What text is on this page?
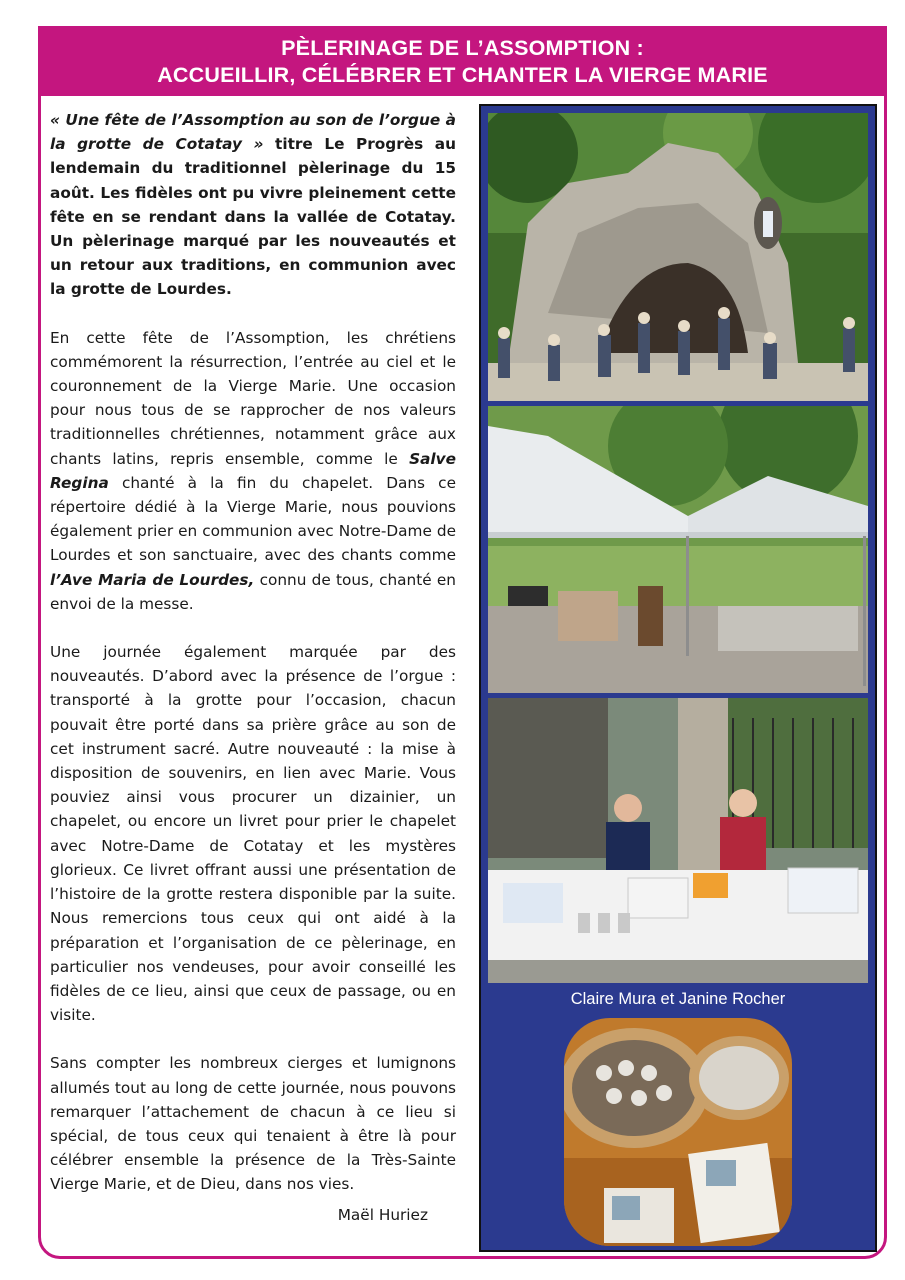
PÈLERINAGE DE L’ASSOMPTION :
ACCUEILLIR, CÉLÉBRER ET CHANTER LA VIERGE MARIE

« Une fête de l’Assomption au son de l’orgue à la grotte de Cotatay » titre Le Progrès au lendemain du traditionnel pèlerinage du 15 août. Les fidèles ont pu vivre pleinement cette fête en se rendant dans la vallée de Cotatay. Un pèlerinage marqué par les nouveautés et un retour aux traditions, en communion avec la grotte de Lourdes.

En cette fête de l’Assomption, les chrétiens commémorent la résurrection, l’entrée au ciel et le couronnement de la Vierge Marie. Une occasion pour nous tous de se rapprocher de nos valeurs traditionnelles chrétiennes, notamment grâce aux chants latins, repris ensemble, comme le Salve Regina chanté à la fin du chapelet. Dans ce répertoire dédié à la Vierge Marie, nous pouvions également prier en communion avec Notre-Dame de Lourdes et son sanctuaire, avec des chants comme l’Ave Maria de Lourdes, connu de tous, chanté en envoi de la messe.

Une journée également marquée par des nouveautés. D’abord avec la présence de l’orgue : transporté à la grotte pour l’occasion, chacun pouvait être porté dans sa prière grâce au son de cet instrument sacré. Autre nouveauté : la mise à disposition de souvenirs, en lien avec Marie. Vous pouviez ainsi vous procurer un dizainier, un chapelet, ou encore un livret pour prier le chapelet avec Notre-Dame de Cotatay et les mystères glorieux. Ce livret offrant aussi une présentation de l’histoire de la grotte restera disponible par la suite. Nous remercions tous ceux qui ont aidé à la préparation et l’organisation de ce pèlerinage, en particulier nos vendeuses, pour avoir conseillé les fidèles de ce lieu, ainsi que ceux de passage, ou en visite.

Sans compter les nombreux cierges et lumignons allumés tout au long de cette journée, nous pouvons remarquer l’attachement de chacun à ce lieu si spécial, de tous ceux qui tenaient à être là pour célébrer ensemble la présence de la Très-Sainte Vierge Marie, et de Dieu, dans nos vies.

Maël Huriez
Claire Mura et Janine Rocher
